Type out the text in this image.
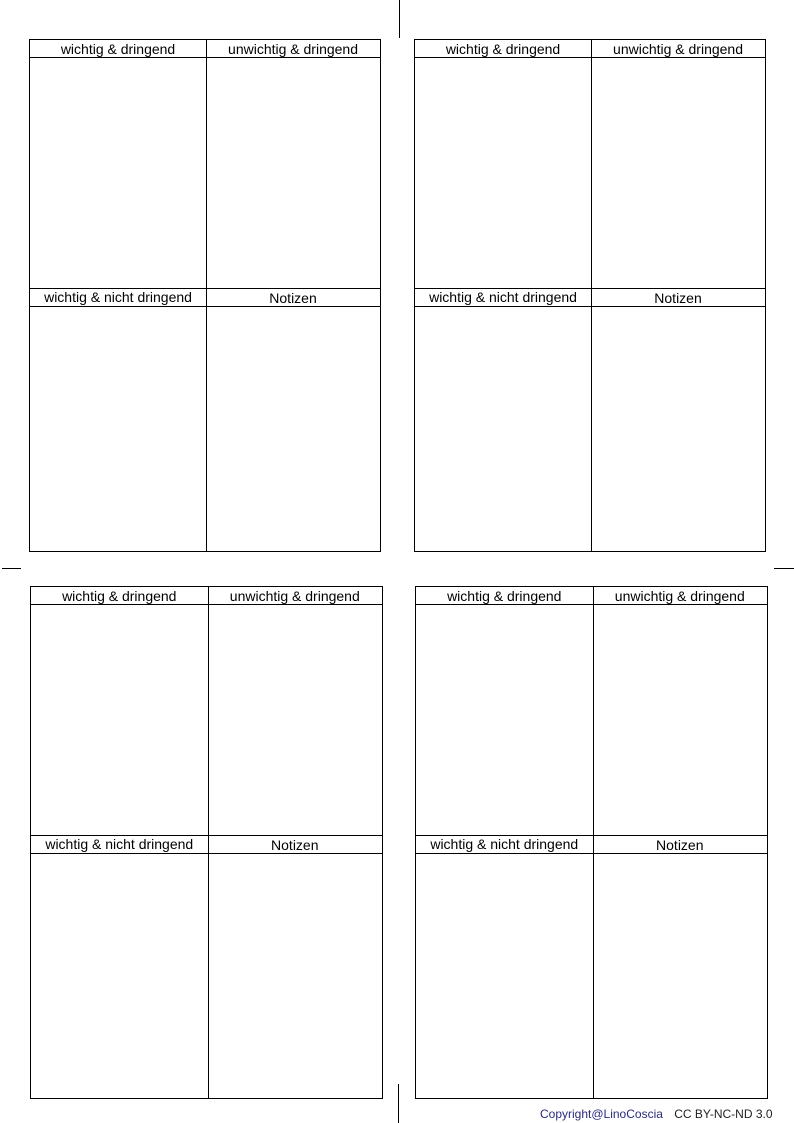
wichtig & dringend	unwichtig & dringend
wichtig & nicht dringend	Notizen
wichtig & dringend	unwichtig & dringend
wichtig & nicht dringend	Notizen
wichtig & dringend	unwichtig & dringend
wichtig & nicht dringend	Notizen
wichtig & dringend	unwichtig & dringend
wichtig & nicht dringend	Notizen
Copyright@LinoCoscia CC BY-NC-ND 3.0
